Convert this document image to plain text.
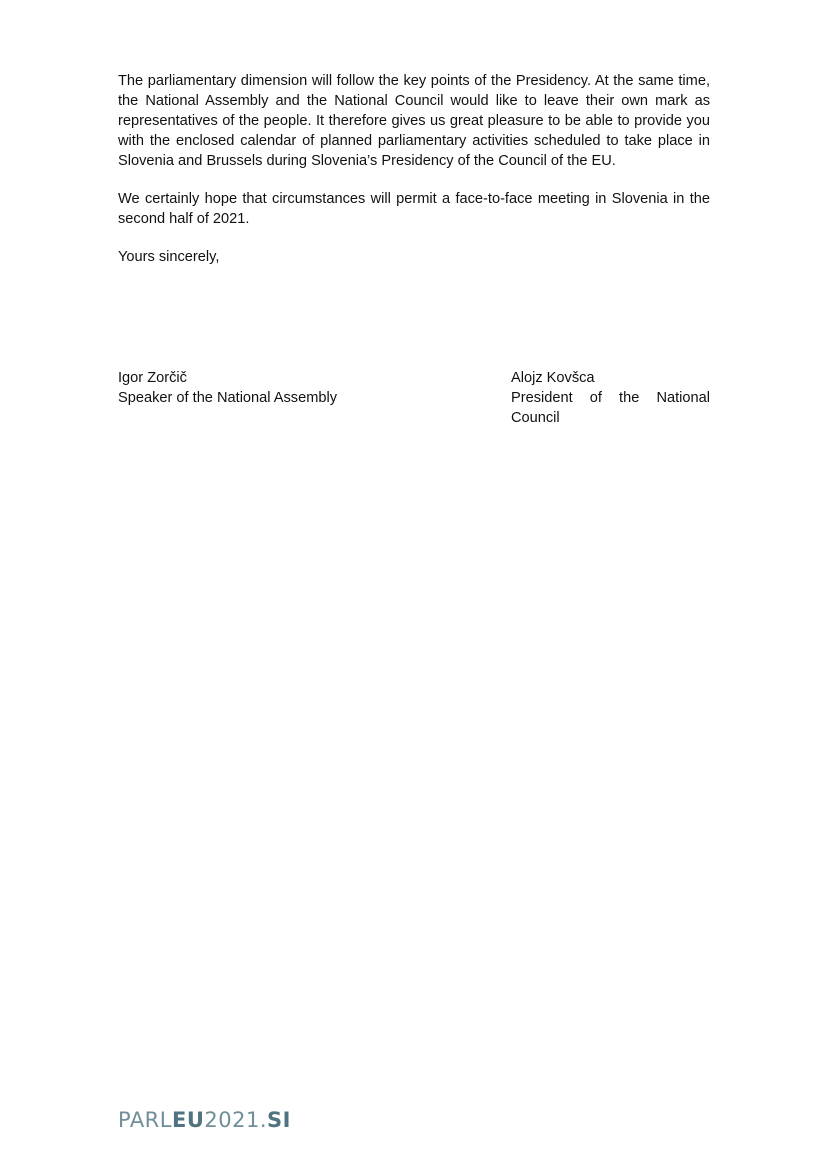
The parliamentary dimension will follow the key points of the Presidency. At the same time, the National Assembly and the National Council would like to leave their own mark as representatives of the people. It therefore gives us great pleasure to be able to provide you with the enclosed calendar of planned parliamentary activities scheduled to take place in Slovenia and Brussels during Slovenia’s Presidency of the Council of the EU.

We certainly hope that circumstances will permit a face-to-face meeting in Slovenia in the second half of 2021.

Yours sincerely,

Igor Zorčič
Speaker of the National Assembly
Alojz Kovšca
President of the National Council
PARLEU2021.SI
